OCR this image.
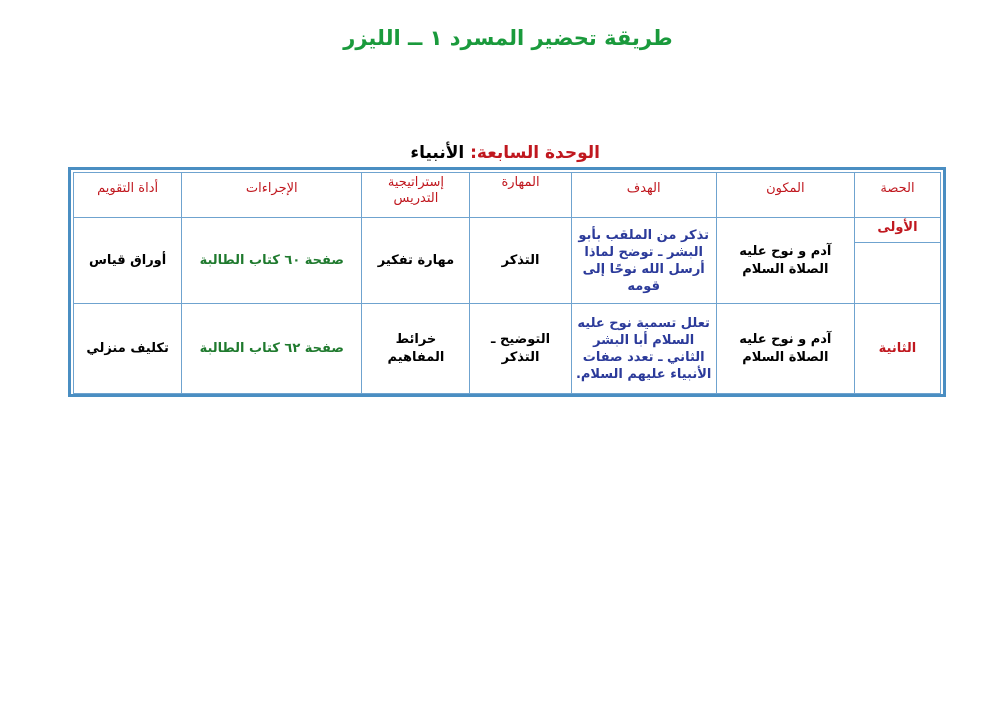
طريقة تحضير المسرد ١ ــ الليزر
الوحدة السابعة: الأنبياء
الحصة	المكون	الهدف	المهارة	إستراتيجية التدريس	الإجراءات	أداة التقويم

الأولى	آدم و نوح عليه الصلاة السلام	تذكر من الملقب بأبو البشر ـ توضح لماذا أرسل الله نوحًا إلى قومه	التذكر	مهارة تفكير	صفحة ٦٠ كتاب الطالبة	أوراق قياس
الثانية	آدم و نوح عليه الصلاة السلام	تعلل تسمية نوح عليه السلام أبا البشر الثاني ـ تعدد صفات الأنبياء عليهم السلام.	التوضيح ـ التذكر	خرائط المفاهيم	صفحة ٦٢ كتاب الطالبة	تكليف منزلي
